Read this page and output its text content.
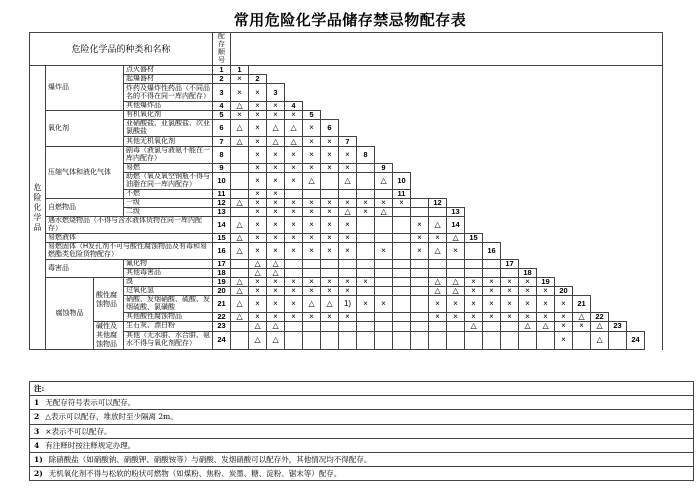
常用危险化学品储存禁忌物配存表
危险化学品的种类和名称				配存顺号																								
危险化学品	爆炸品		点火器材	1	1																							
			起爆器材	2	×	2																						
			炸药及爆炸性药品（不同品名的不得在同一库内配存）	3	×	×	3																					
			其他爆炸品	4	△	×	×	4																				
	氧化剂		有机氧化剂	5	×	×	×	×	5																			
			亚硝酸盐、亚氯酸盐、次亚氯酸盐	6	△	×	△	△	×	6																		
			其他无机氧化剂	7	△	×	△	△	×	×	7																	
	压缩气体和液化气体		剧毒（液氯与液氨不能在一库内配存）	8		×	×	×	×	×	×	8																
			易燃	9		×	×	×	×	×	×		9															
			助燃（氧及氧空钢瓶不得与油脂在同一库内配存）	10		×	×	×	△		△		△	10														
			不燃	11		×	×							11														
	自燃物品		一级	12	△	×	×	×	×	×	×	×	×	×		12												
			二级	13		×	×	×	×	×	△	×	△				13											
	遇水燃烧物品（不得与含水液体货物在同一库内配存）			14	△	×	×	×	×	×	×				×	△	14											
	易燃液体			15	△	×	×	×	×	×	×				×	×	△	15										
	易燃固体（H发孔剂不可与酸性腐蚀物品及有毒和易燃酯类危险货物配存）			16	△	×	×	×	×	×	×		×		×	△	×		16									
	毒害品		氰化物	17		△	△													17								
			其他毒害品	18		△	△														18							
	腐蚀物品	酸性腐蚀物品	溴	19	△	×	×	×	×	×	×	×				△	△	×	×	×	×	19						
			过氧化氢	20	△	×	×	×	×	×	×					△	△	×	×	×	×	×	20					
			硝酸、发烟硝酸、硫酸、发烟硫酸、氯磺酸	21	△	×	×	×	△	△	1)	×	×			×	×	×	×	×	×	×	×	21				
			其他酸性腐蚀物品	22	△	×	×	×	×	×	×					×	×	×	×	×	×	×	×	△	22			
		碱性及其他腐蚀物品	生石灰、漂白粉	23		△	△											△			△	△	×	×	△	23		
			其他（无水肼、水合肼、氨水不得与氧化剂配存）	24		△	△																×		△		24	
注:
1 无配存符号表示可以配存。
2 △表示可以配存，堆放时至少隔离 2m。
3 ×表示不可以配存。
4 有注释时按注释规定办理。
1) 除硝酸盐（如硝酸钠、硝酸钾、硝酸铵等）与硝酸、发烟硝酸可以配存外，其他情况均不得配存。
2) 无机氧化剂不得与松软的粉状可燃物（如煤粉、焦粉、炭墨、糖、淀粉、锯末等）配存。
